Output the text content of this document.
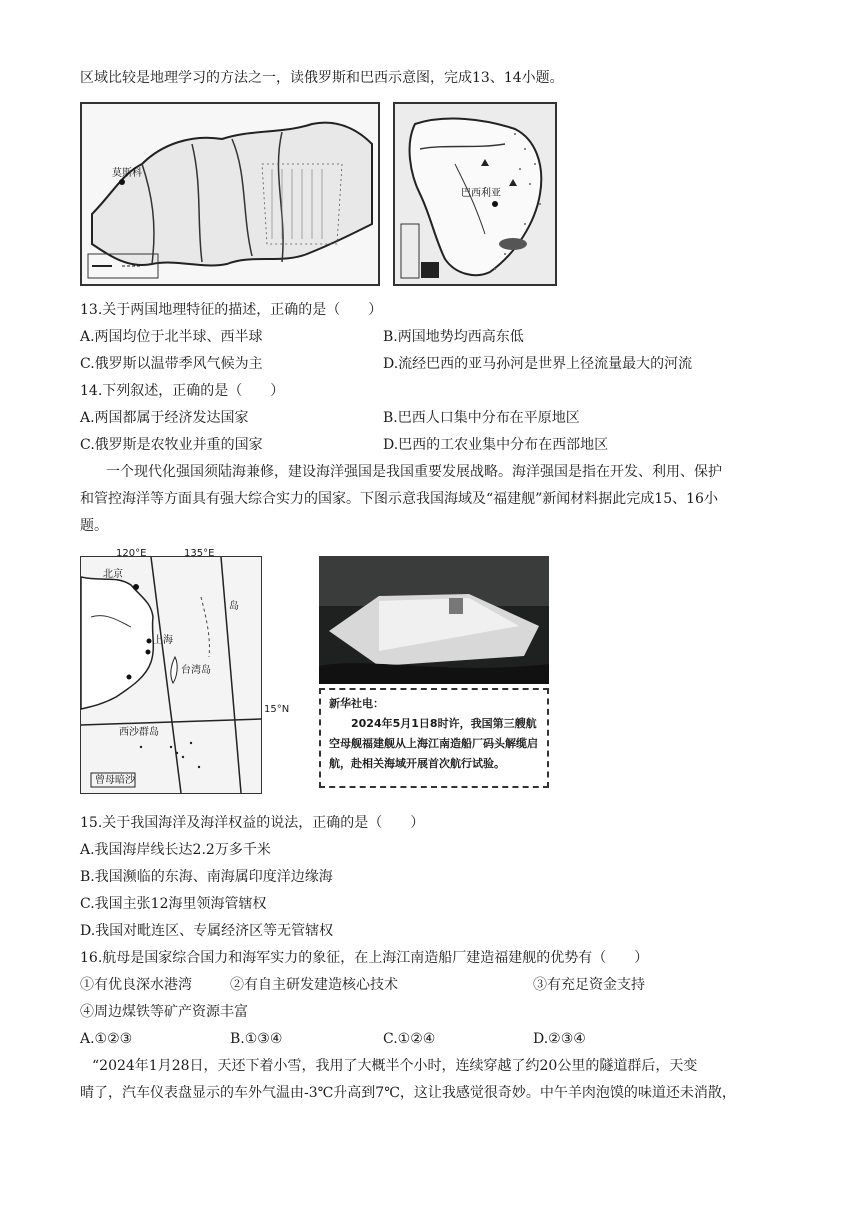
区域比较是地理学习的方法之一，读俄罗斯和巴西示意图，完成13、14小题。
莫斯科
巴西利亚
13.关于两国地理特征的描述，正确的是（　　）
A.两国均位于北半球、西半球	B.两国地势均西高东低
C.俄罗斯以温带季风气候为主	D.流经巴西的亚马孙河是世界上径流量最大的河流
14.下列叙述，正确的是（　　）
A.两国都属于经济发达国家	B.巴西人口集中分布在平原地区
C.俄罗斯是农牧业并重的国家	D.巴西的工农业集中分布在西部地区
一个现代化强国须陆海兼修，建设海洋强国是我国重要发展战略。海洋强国是指在开发、利用、保护
和管控海洋等方面具有强大综合实力的国家。下图示意我国海域及“福建舰”新闻材料据此完成15、16小
题。
北京
上海
台湾岛
岛
西沙群岛
曾母暗沙
120°E	135°E
15°N	新华社电：
2024年5月1日8时许，我国第三艘航空母舰福建舰从上海江南造船厂码头解缆启航，赴相关海域开展首次航行试验。
15.关于我国海洋及海洋权益的说法，正确的是（　　）
A.我国海岸线长达2.2万多千米
B.我国濒临的东海、南海属印度洋边缘海
C.我国主张12海里领海管辖权
D.我国对毗连区、专属经济区等无管辖权
16.航母是国家综合国力和海军实力的象征，在上海江南造船厂建造福建舰的优势有（　　）
①有优良深水港湾	②有自主研发建造核心技术	③有充足资金支持
④周边煤铁等矿产资源丰富
A.①②③	B.①③④	C.①②④	D.②③④
“2024年1月28日，天还下着小雪，我用了大概半个小时，连续穿越了约20公里的隧道群后，天变
晴了，汽车仪表盘显示的车外气温由-3℃升高到7℃，这让我感觉很奇妙。中午羊肉泡馍的味道还未消散，
